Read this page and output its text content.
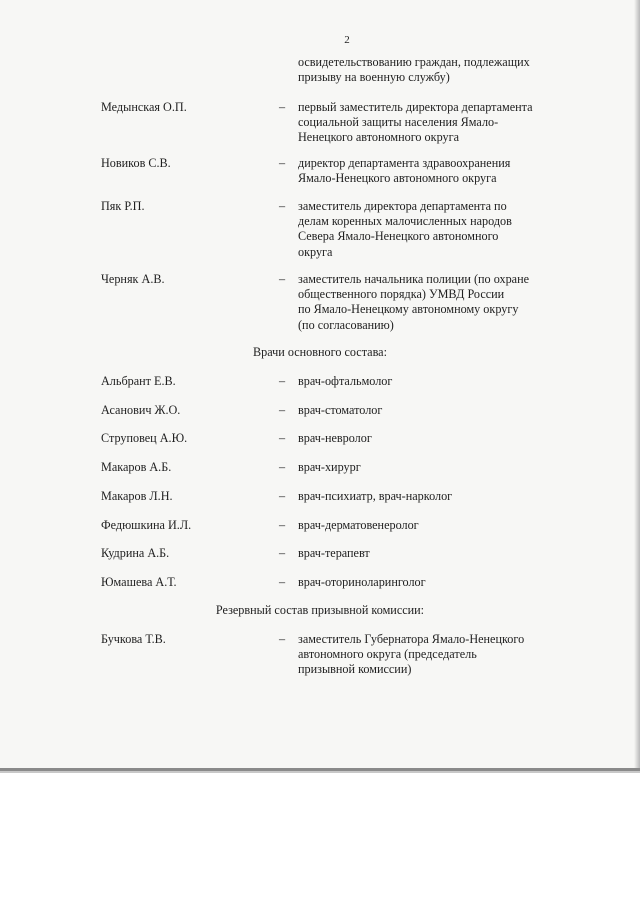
2
освидетельствованию граждан, подлежащих
призыву на военную службу)
Медынская О.П.	– первый заместитель директора департамента
социальной защиты населения Ямало-
Ненецкого автономного округа
Новиков С.В.	– директор департамента здравоохранения
Ямало-Ненецкого автономного округа
Пяк Р.П.	– заместитель директора департамента по
делам коренных малочисленных народов
Севера Ямало-Ненецкого автономного
округа
Черняк А.В.	– заместитель начальника полиции (по охране
общественного порядка) УМВД России
по Ямало-Ненецкому автономному округу
(по согласованию)
Врачи основного состава:
Альбрант Е.В.	– врач-офтальмолог
Асанович Ж.О.	– врач-стоматолог
Струповец А.Ю.	– врач-невролог
Макаров А.Б.	– врач-хирург
Макаров Л.Н.	– врач-психиатр, врач-нарколог
Федюшкина И.Л.	– врач-дерматовенеролог
Кудрина А.Б.	– врач-терапевт
Юмашева А.Т.	– врач-оториноларинголог
Резервный состав призывной комиссии:
Бучкова Т.В.	– заместитель Губернатора Ямало-Ненецкого
автономного округа (председатель
призывной комиссии)
